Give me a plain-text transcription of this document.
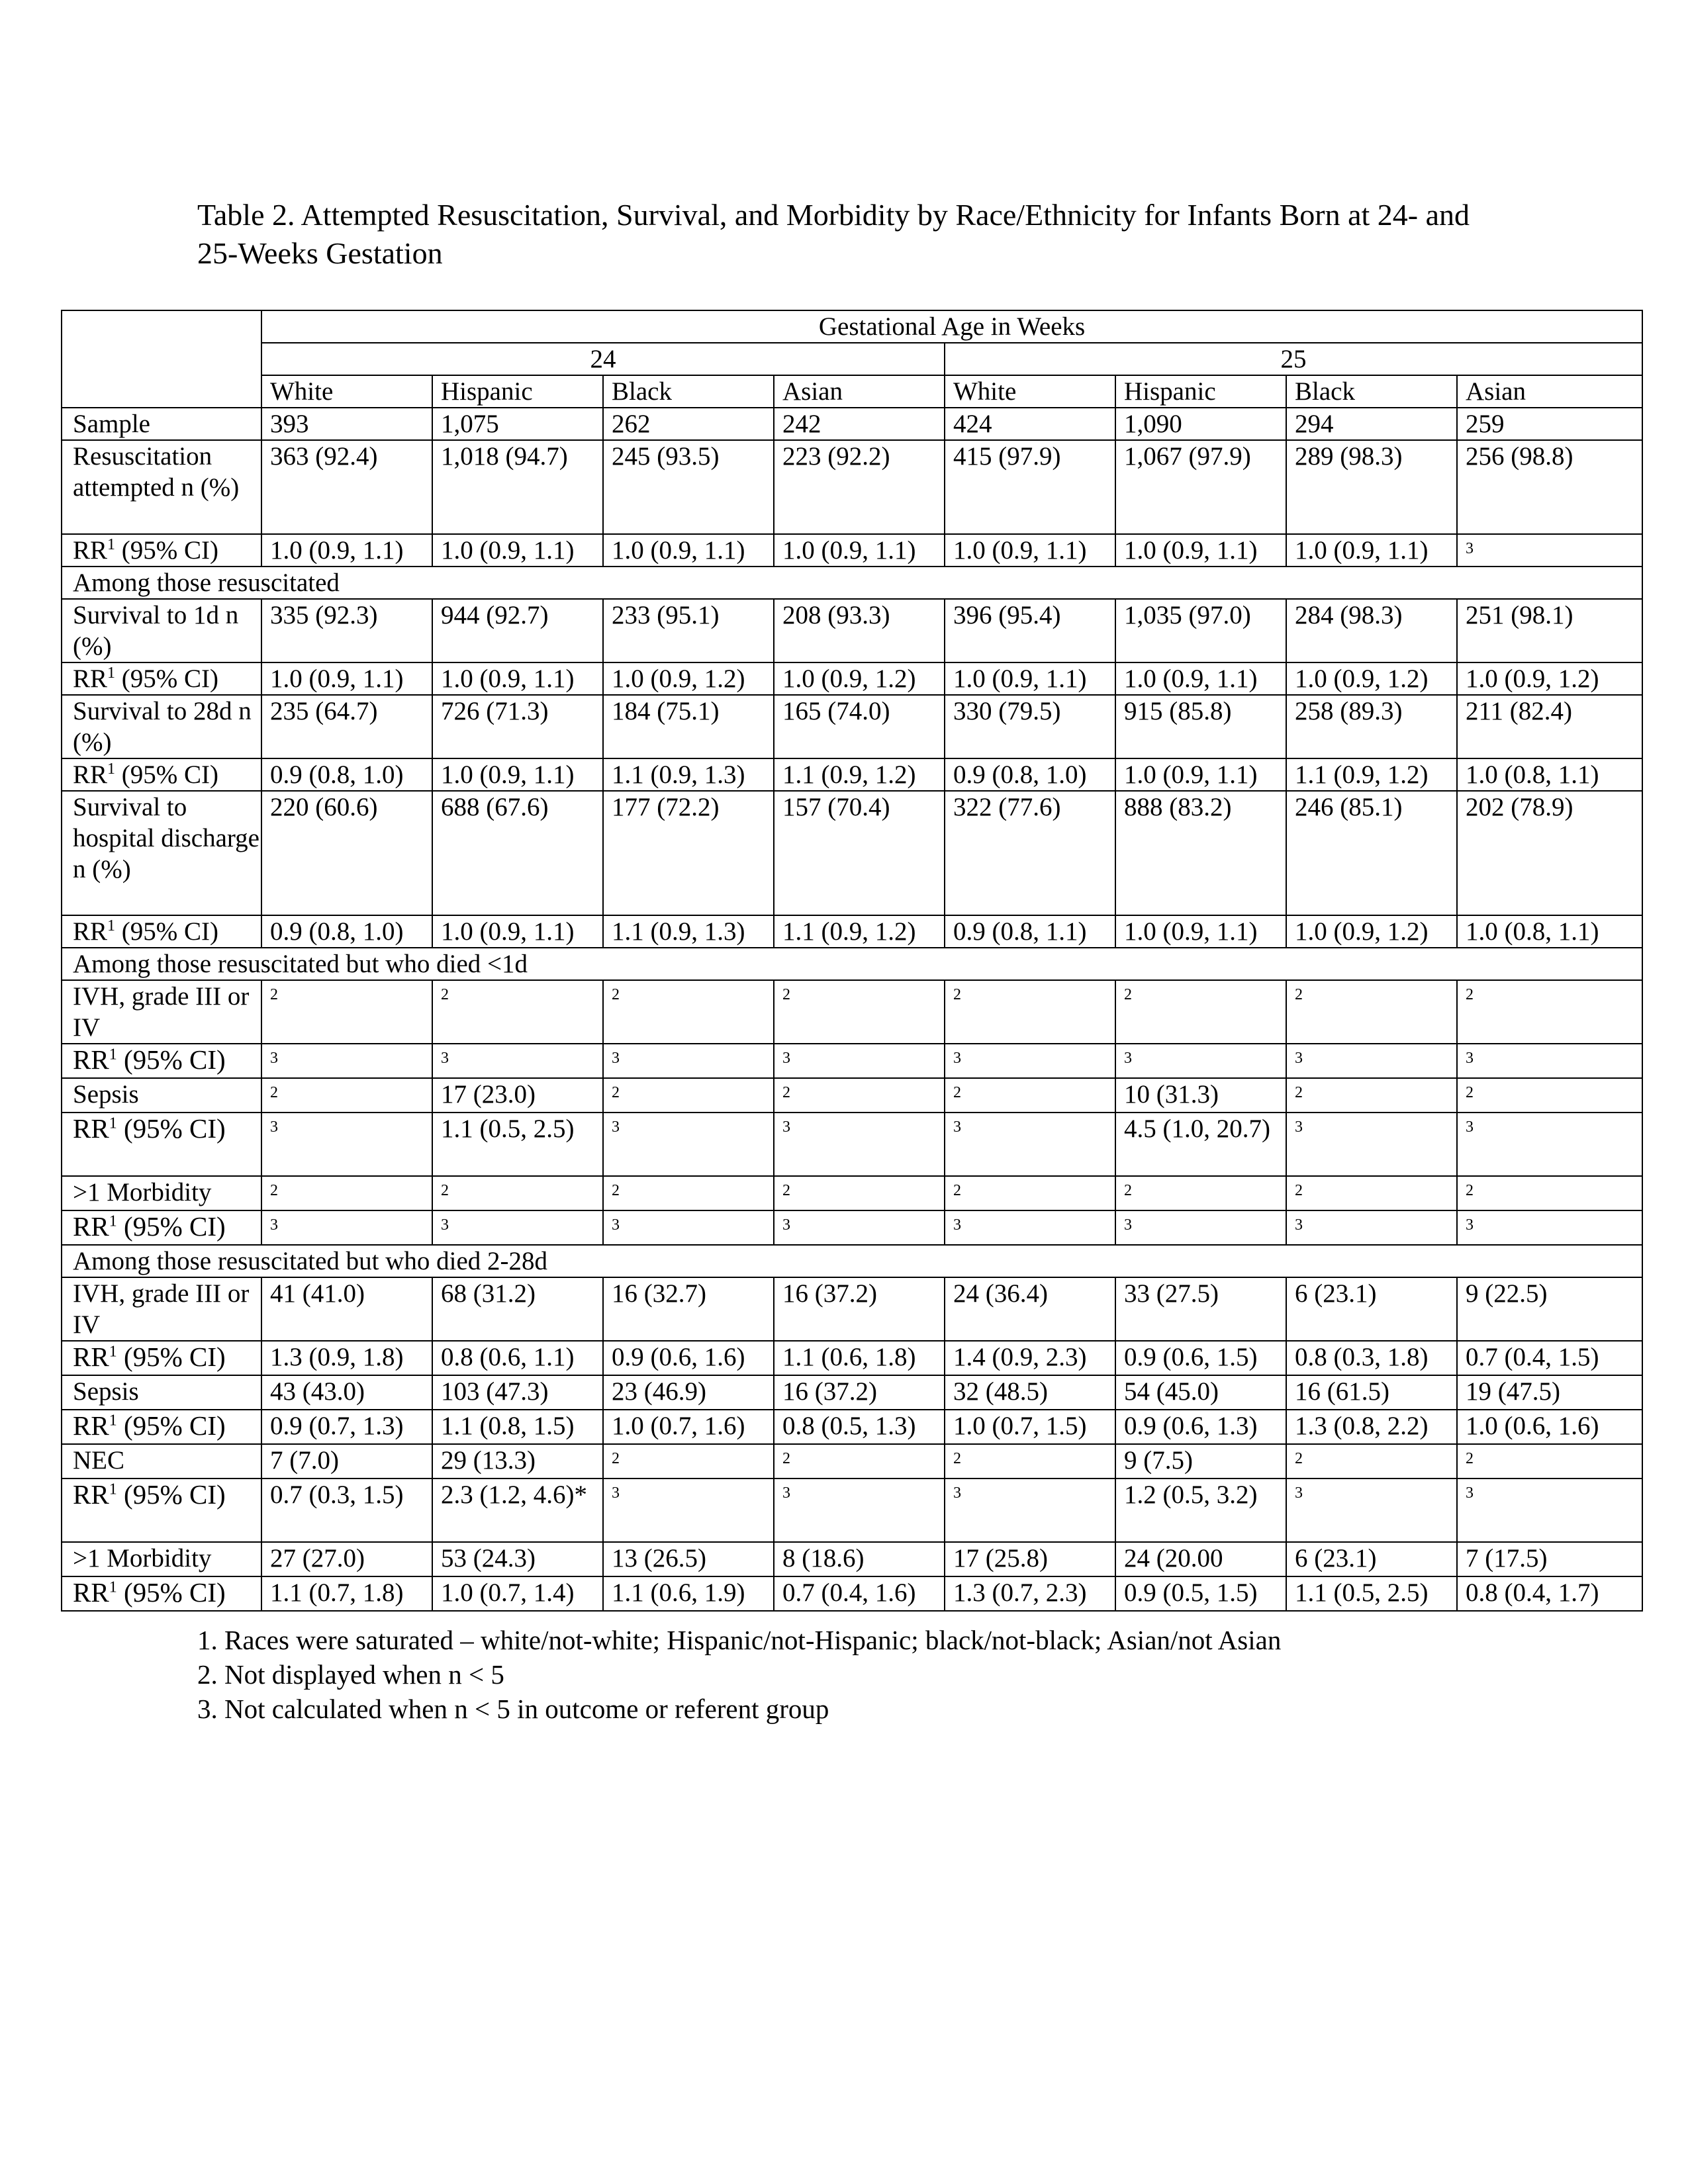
Table 2. Attempted Resuscitation, Survival, and Morbidity by Race/Ethnicity for Infants Born at 24- and 25-Weeks Gestation
	Gestational Age in Weeks							
	24				25			
	White	Hispanic	Black	Asian	White	Hispanic	Black	Asian
Sample	393	1,075	262	242	424	1,090	294	259
Resuscitation attempted n (%)	363 (92.4)	1,018 (94.7)	245 (93.5)	223 (92.2)	415 (97.9)	1,067 (97.9)	289 (98.3)	256 (98.8)
RR$^1$ (95% CI)	1.0 (0.9, 1.1)	1.0 (0.9, 1.1)	1.0 (0.9, 1.1)	1.0 (0.9, 1.1)	1.0 (0.9, 1.1)	1.0 (0.9, 1.1)	1.0 (0.9, 1.1)	3
Among those resuscitated								
Survival to 1d n (%)	335 (92.3)	944 (92.7)	233 (95.1)	208 (93.3)	396 (95.4)	1,035 (97.0)	284 (98.3)	251 (98.1)
RR$^1$ (95% CI)	1.0 (0.9, 1.1)	1.0 (0.9, 1.1)	1.0 (0.9, 1.2)	1.0 (0.9, 1.2)	1.0 (0.9, 1.1)	1.0 (0.9, 1.1)	1.0 (0.9, 1.2)	1.0 (0.9, 1.2)
Survival to 28d n (%)	235 (64.7)	726 (71.3)	184 (75.1)	165 (74.0)	330 (79.5)	915 (85.8)	258 (89.3)	211 (82.4)
RR$^1$ (95% CI)	0.9 (0.8, 1.0)	1.0 (0.9, 1.1)	1.1 (0.9, 1.3)	1.1 (0.9, 1.2)	0.9 (0.8, 1.0)	1.0 (0.9, 1.1)	1.1 (0.9, 1.2)	1.0 (0.8, 1.1)
Survival to hospital discharge n (%)	220 (60.6)	688 (67.6)	177 (72.2)	157 (70.4)	322 (77.6)	888 (83.2)	246 (85.1)	202 (78.9)
RR$^1$ (95% CI)	0.9 (0.8, 1.0)	1.0 (0.9, 1.1)	1.1 (0.9, 1.3)	1.1 (0.9, 1.2)	0.9 (0.8, 1.1)	1.0 (0.9, 1.1)	1.0 (0.9, 1.2)	1.0 (0.8, 1.1)
Among those resuscitated but who died <1d								
IVH, grade III or IV	2	2	2	2	2	2	2	2
RR$^1$ (95% CI)	3	3	3	3	3	3	3	3
Sepsis	2	17 (23.0)	2	2	2	10 (31.3)	2	2
RR$^1$ (95% CI)	3	1.1 (0.5, 2.5)	3	3	3	4.5 (1.0, 20.7)	3	3
>1 Morbidity	2	2	2	2	2	2	2	2
RR$^1$ (95% CI)	3	3	3	3	3	3	3	3
Among those resuscitated but who died 2-28d								
IVH, grade III or IV	41 (41.0)	68 (31.2)	16 (32.7)	16 (37.2)	24 (36.4)	33 (27.5)	6 (23.1)	9 (22.5)
RR$^1$ (95% CI)	1.3 (0.9, 1.8)	0.8 (0.6, 1.1)	0.9 (0.6, 1.6)	1.1 (0.6, 1.8)	1.4 (0.9, 2.3)	0.9 (0.6, 1.5)	0.8 (0.3, 1.8)	0.7 (0.4, 1.5)
Sepsis	43 (43.0)	103 (47.3)	23 (46.9)	16 (37.2)	32 (48.5)	54 (45.0)	16 (61.5)	19 (47.5)
RR$^1$ (95% CI)	0.9 (0.7, 1.3)	1.1 (0.8, 1.5)	1.0 (0.7, 1.6)	0.8 (0.5, 1.3)	1.0 (0.7, 1.5)	0.9 (0.6, 1.3)	1.3 (0.8, 2.2)	1.0 (0.6, 1.6)
NEC	7 (7.0)	29 (13.3)	2	2	2	9 (7.5)	2	2
RR$^1$ (95% CI)	0.7 (0.3, 1.5)	2.3 (1.2, 4.6)*	3	3	3	1.2 (0.5, 3.2)	3	3
>1 Morbidity	27 (27.0)	53 (24.3)	13 (26.5)	8 (18.6)	17 (25.8)	24 (20.00	6 (23.1)	7 (17.5)
RR$^1$ (95% CI)	1.1 (0.7, 1.8)	1.0 (0.7, 1.4)	1.1 (0.6, 1.9)	0.7 (0.4, 1.6)	1.3 (0.7, 2.3)	0.9 (0.5, 1.5)	1.1 (0.5, 2.5)	0.8 (0.4, 1.7)
1. Races were saturated – white/not-white; Hispanic/not-Hispanic; black/not-black; Asian/not Asian
2. Not displayed when n < 5
3. Not calculated when n < 5 in outcome or referent group
